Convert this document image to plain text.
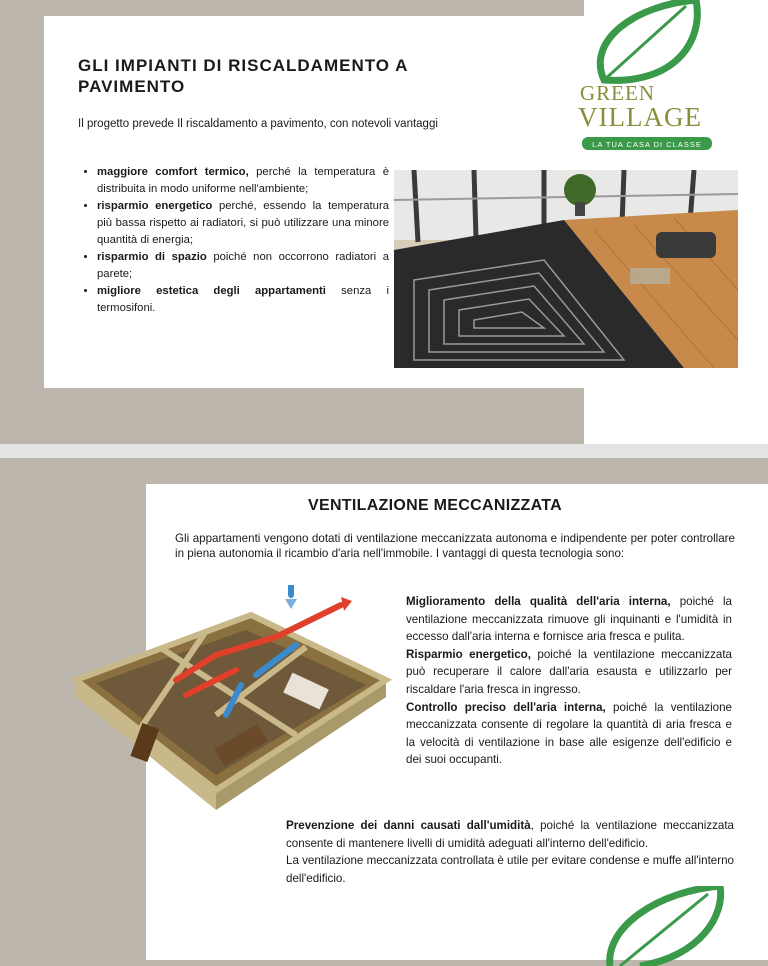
GREEN
VILLAGE
LA TUA CASA DI CLASSE
GLI IMPIANTI DI RISCALDAMENTO A PAVIMENTO
Il progetto prevede Il riscaldamento a pavimento, con notevoli vantaggi
• maggiore comfort termico, perché la temperatura è distribuita in modo uniforme nell'ambiente;
• risparmio energetico perché, essendo la temperatura più bassa rispetto ai radiatori, si può utilizzare una minore quantità di energia;
• risparmio di spazio poiché non occorrono radiatori a parete;
• migliore estetica degli appartamenti senza i termosifoni.
VENTILAZIONE MECCANIZZATA
Gli appartamenti vengono dotati di ventilazione meccanizzata autonoma e indipendente per poter controllare in piena autonomia il ricambio d'aria nell'immobile. I vantaggi di questa tecnologia sono:
Miglioramento della qualità dell'aria interna, poiché la ventilazione meccanizzata rimuove gli inquinanti e l'umidità in eccesso dall'aria interna e fornisce aria fresca e pulita.
Risparmio energetico, poiché la ventilazione meccanizzata può recuperare il calore dall'aria esausta e utilizzarlo per riscaldare l'aria fresca in ingresso.
Controllo preciso dell'aria interna, poiché la ventilazione meccanizzata consente di regolare la quantità di aria fresca e la velocità di ventilazione in base alle esigenze dell'edificio e dei suoi occupanti.
Prevenzione dei danni causati dall'umidità, poiché la ventilazione meccanizzata consente di mantenere livelli di umidità adeguati all'interno dell'edificio.
La ventilazione meccanizzata controllata è utile per evitare condense e muffe all'interno dell'edificio.
